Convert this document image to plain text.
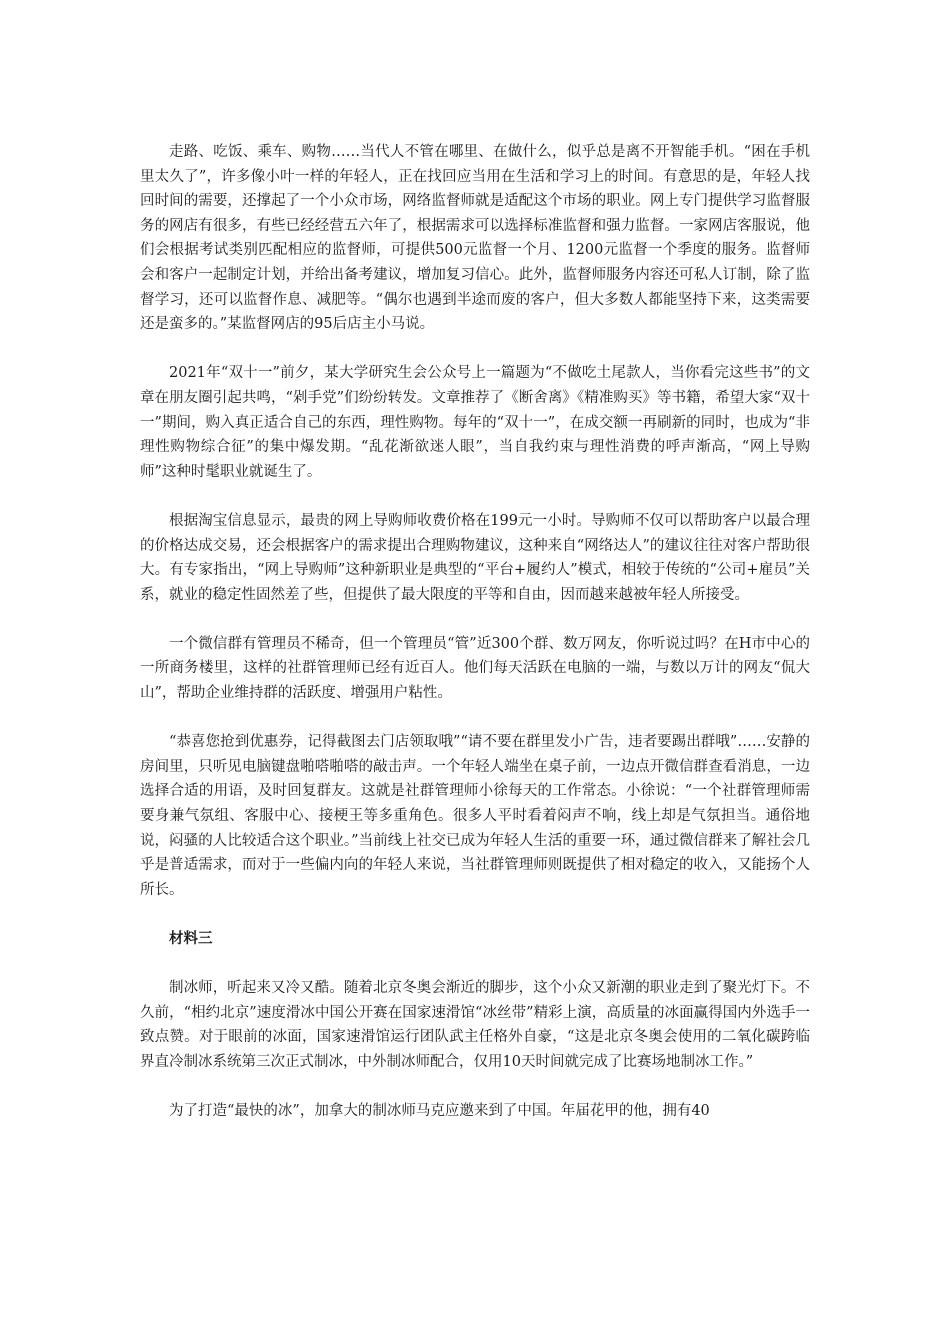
走路、吃饭、乘车、购物……当代人不管在哪里、在做什么，似乎总是离不开智能手机。“困在手机里太久了”，许多像小叶一样的年轻人，正在找回应当用在生活和学习上的时间。有意思的是，年轻人找回时间的需要，还撑起了一个小众市场，网络监督师就是适配这个市场的职业。网上专门提供学习监督服务的网店有很多，有些已经经营五六年了，根据需求可以选择标准监督和强力监督。一家网店客服说，他们会根据考试类别匹配相应的监督师，可提供500元监督一个月、1200元监督一个季度的服务。监督师会和客户一起制定计划，并给出备考建议，增加复习信心。此外，监督师服务内容还可私人订制，除了监督学习，还可以监督作息、减肥等。“偶尔也遇到半途而废的客户，但大多数人都能坚持下来，这类需要还是蛮多的。”某监督网店的95后店主小马说。

2021年“双十一”前夕，某大学研究生会公众号上一篇题为“不做吃土尾款人，当你看完这些书”的文章在朋友圈引起共鸣，“剁手党”们纷纷转发。文章推荐了《断舍离》《精准购买》等书籍，希望大家“双十一”期间，购入真正适合自己的东西，理性购物。每年的“双十一”，在成交额一再刷新的同时，也成为“非理性购物综合征”的集中爆发期。“乱花渐欲迷人眼”，当自我约束与理性消费的呼声渐高，“网上导购师”这种时髦职业就诞生了。

根据淘宝信息显示，最贵的网上导购师收费价格在199元一小时。导购师不仅可以帮助客户以最合理的价格达成交易，还会根据客户的需求提出合理购物建议，这种来自“网络达人”的建议往往对客户帮助很大。有专家指出，“网上导购师”这种新职业是典型的“平台+履约人”模式，相较于传统的“公司+雇员”关系，就业的稳定性固然差了些，但提供了最大限度的平等和自由，因而越来越被年轻人所接受。

一个微信群有管理员不稀奇，但一个管理员“管”近300个群、数万网友，你听说过吗？在H市中心的一所商务楼里，这样的社群管理师已经有近百人。他们每天活跃在电脑的一端，与数以万计的网友“侃大山”，帮助企业维持群的活跃度、增强用户粘性。

“恭喜您抢到优惠券，记得截图去门店领取哦”“请不要在群里发小广告，违者要踢出群哦”……安静的房间里，只听见电脑键盘啪嗒啪嗒的敲击声。一个年轻人端坐在桌子前，一边点开微信群查看消息，一边选择合适的用语，及时回复群友。这就是社群管理师小徐每天的工作常态。小徐说：“一个社群管理师需要身兼气氛组、客服中心、接梗王等多重角色。很多人平时看着闷声不响，线上却是气氛担当。通俗地说，闷骚的人比较适合这个职业。”当前线上社交已成为年轻人生活的重要一环，通过微信群来了解社会几乎是普适需求，而对于一些偏内向的年轻人来说，当社群管理师则既提供了相对稳定的收入，又能扬个人所长。

材料三

制冰师，听起来又冷又酷。随着北京冬奥会渐近的脚步，这个小众又新潮的职业走到了聚光灯下。不久前，“相约北京”速度滑冰中国公开赛在国家速滑馆“冰丝带”精彩上演，高质量的冰面赢得国内外选手一致点赞。对于眼前的冰面，国家速滑馆运行团队武主任格外自豪，“这是北京冬奥会使用的二氧化碳跨临界直冷制冰系统第三次正式制冰，中外制冰师配合，仅用10天时间就完成了比赛场地制冰工作。”

为了打造“最快的冰”，加拿大的制冰师马克应邀来到了中国。年届花甲的他，拥有40
